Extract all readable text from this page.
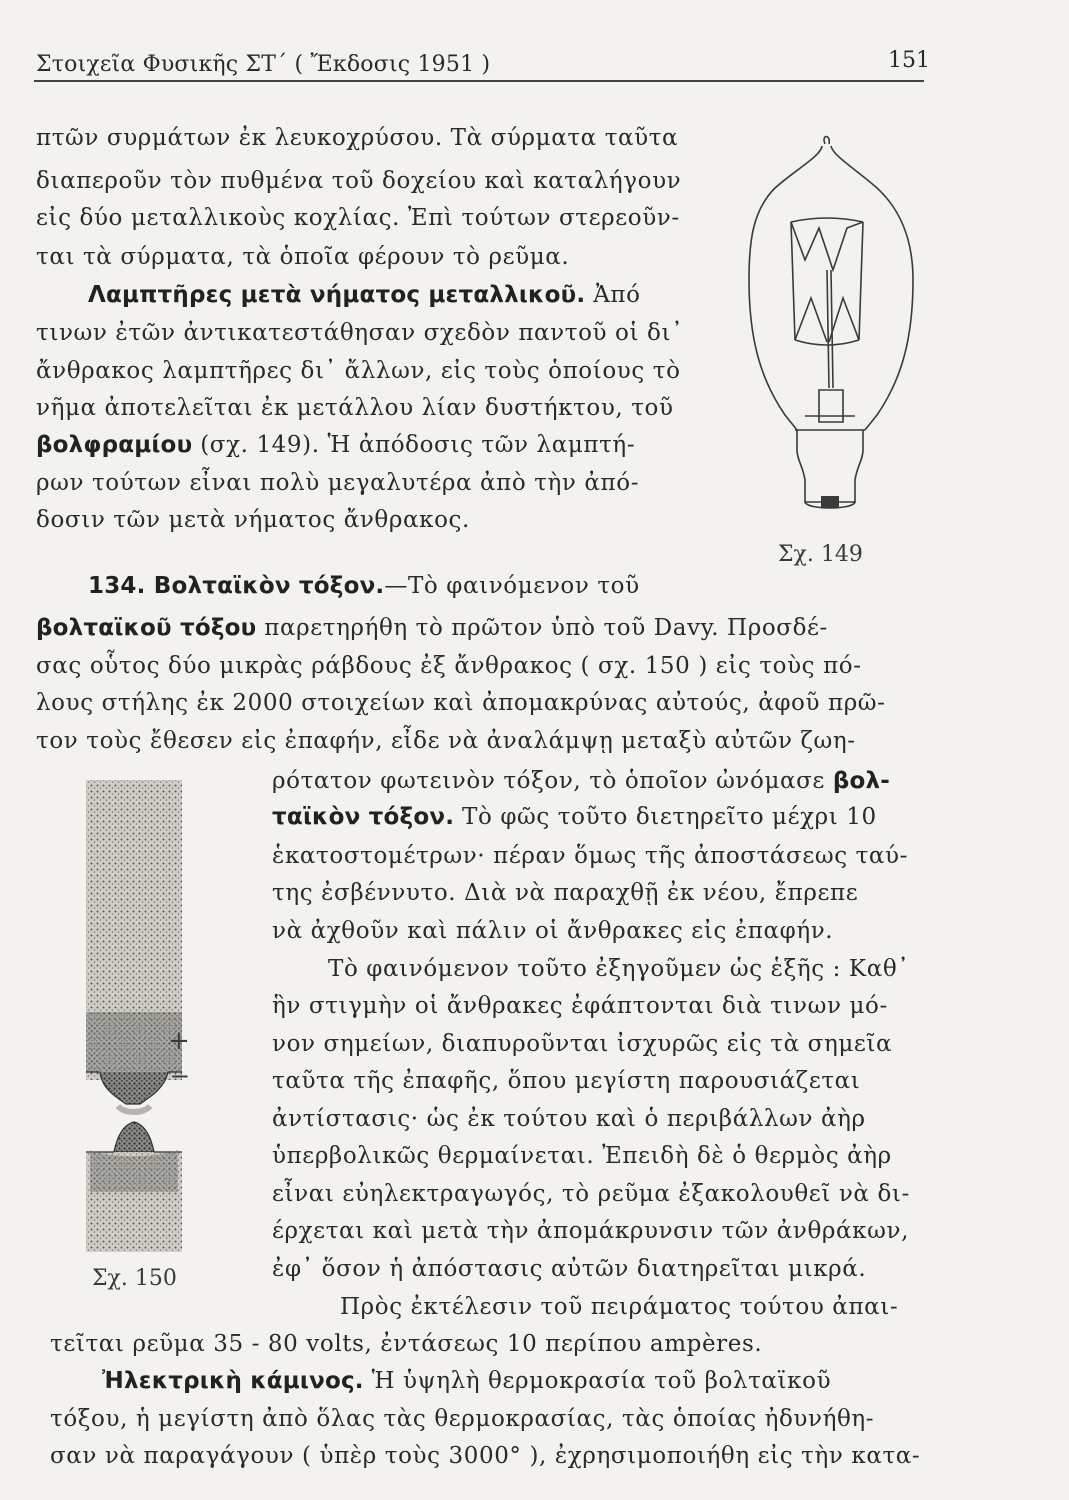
Στοιχεῖα Φυσικῆς ΣΤ΄ ( Ἔκδοσις 1951 )	151
πτῶν συρμάτων ἐκ λευκοχρύσου. Τὰ σύρματα ταῦτα
διαπεροῦν τὸν πυθμένα τοῦ δοχείου καὶ καταλήγουν
εἰς δύο μεταλλικοὺς κοχλίας. Ἐπὶ τούτων στερεοῦν-
ται τὰ σύρματα, τὰ ὁποῖα φέρουν τὸ ρεῦμα.
Λαμπτῆρες μετὰ νήματος μεταλλικοῦ. Ἀπό
τινων ἐτῶν ἀντικατεστάθησαν σχεδὸν παντοῦ οἱ δι᾽
ἄνθρακος λαμπτῆρες δι᾽ ἄλλων, εἰς τοὺς ὁποίους τὸ
νῆμα ἀποτελεῖται ἐκ μετάλλου λίαν δυστήκτου, τοῦ
βολφραμίου (σχ. 149). Ἡ ἀπόδοσις τῶν λαμπτή-
ρων τούτων εἶναι πολὺ μεγαλυτέρα ἀπὸ τὴν ἀπό-
δοσιν τῶν μετὰ νήματος ἄνθρακος.
Σχ. 149
134. Βολταϊκὸν τόξον.—Τὸ φαινόμενον τοῦ
βολταϊκοῦ τόξου παρετηρήθη τὸ πρῶτον ὑπὸ τοῦ Davy. Προσδέ-
σας οὗτος δύο μικρὰς ράβδους ἐξ ἄνθρακος ( σχ. 150 ) εἰς τοὺς πό-
λους στήλης ἐκ 2000 στοιχείων καὶ ἀπομακρύνας αὐτούς, ἀφοῦ πρῶ-
τον τοὺς ἔθεσεν εἰς ἐπαφήν, εἶδε νὰ ἀναλάμψῃ μεταξὺ αὐτῶν ζωη-
+
−
Σχ. 150
ρότατον φωτεινὸν τόξον, τὸ ὁποῖον ὠνόμασε βολ-
ταϊκὸν τόξον. Τὸ φῶς τοῦτο διετηρεῖτο μέχρι 10
ἑκατοστομέτρων· πέραν ὅμως τῆς ἀποστάσεως ταύ-
της ἐσβέννυτο. Διὰ νὰ παραχθῇ ἐκ νέου, ἔπρεπε
νὰ ἀχθοῦν καὶ πάλιν οἱ ἄνθρακες εἰς ἐπαφήν.
Τὸ φαινόμενον τοῦτο ἐξηγοῦμεν ὡς ἑξῆς : Καθ᾽
ἣν στιγμὴν οἱ ἄνθρακες ἐφάπτονται διὰ τινων μό-
νον σημείων, διαπυροῦνται ἰσχυρῶς εἰς τὰ σημεῖα
ταῦτα τῆς ἐπαφῆς, ὅπου μεγίστη παρουσιάζεται
ἀντίστασις· ὡς ἐκ τούτου καὶ ὁ περιβάλλων ἀὴρ
ὑπερβολικῶς θερμαίνεται. Ἐπειδὴ δὲ ὁ θερμὸς ἀὴρ
εἶναι εὐηλεκτραγωγός, τὸ ρεῦμα ἐξακολουθεῖ νὰ δι-
έρχεται καὶ μετὰ τὴν ἀπομάκρυνσιν τῶν ἀνθράκων,
ἐφ᾽ ὅσον ἡ ἀπόστασις αὐτῶν διατηρεῖται μικρά.
Πρὸς ἐκτέλεσιν τοῦ πειράματος τούτου ἀπαι-
τεῖται ρεῦμα 35 - 80 volts, ἐντάσεως 10 περίπου ampères.
Ἠλεκτρικὴ κάμινος. Ἡ ὑψηλὴ θερμοκρασία τοῦ βολταϊκοῦ
τόξου, ἡ μεγίστη ἀπὸ ὅλας τὰς θερμοκρασίας, τὰς ὁποίας ἠδυνήθη-
σαν νὰ παραγάγουν ( ὑπὲρ τοὺς 3000° ), ἐχρησιμοποιήθη εἰς τὴν κατα-
